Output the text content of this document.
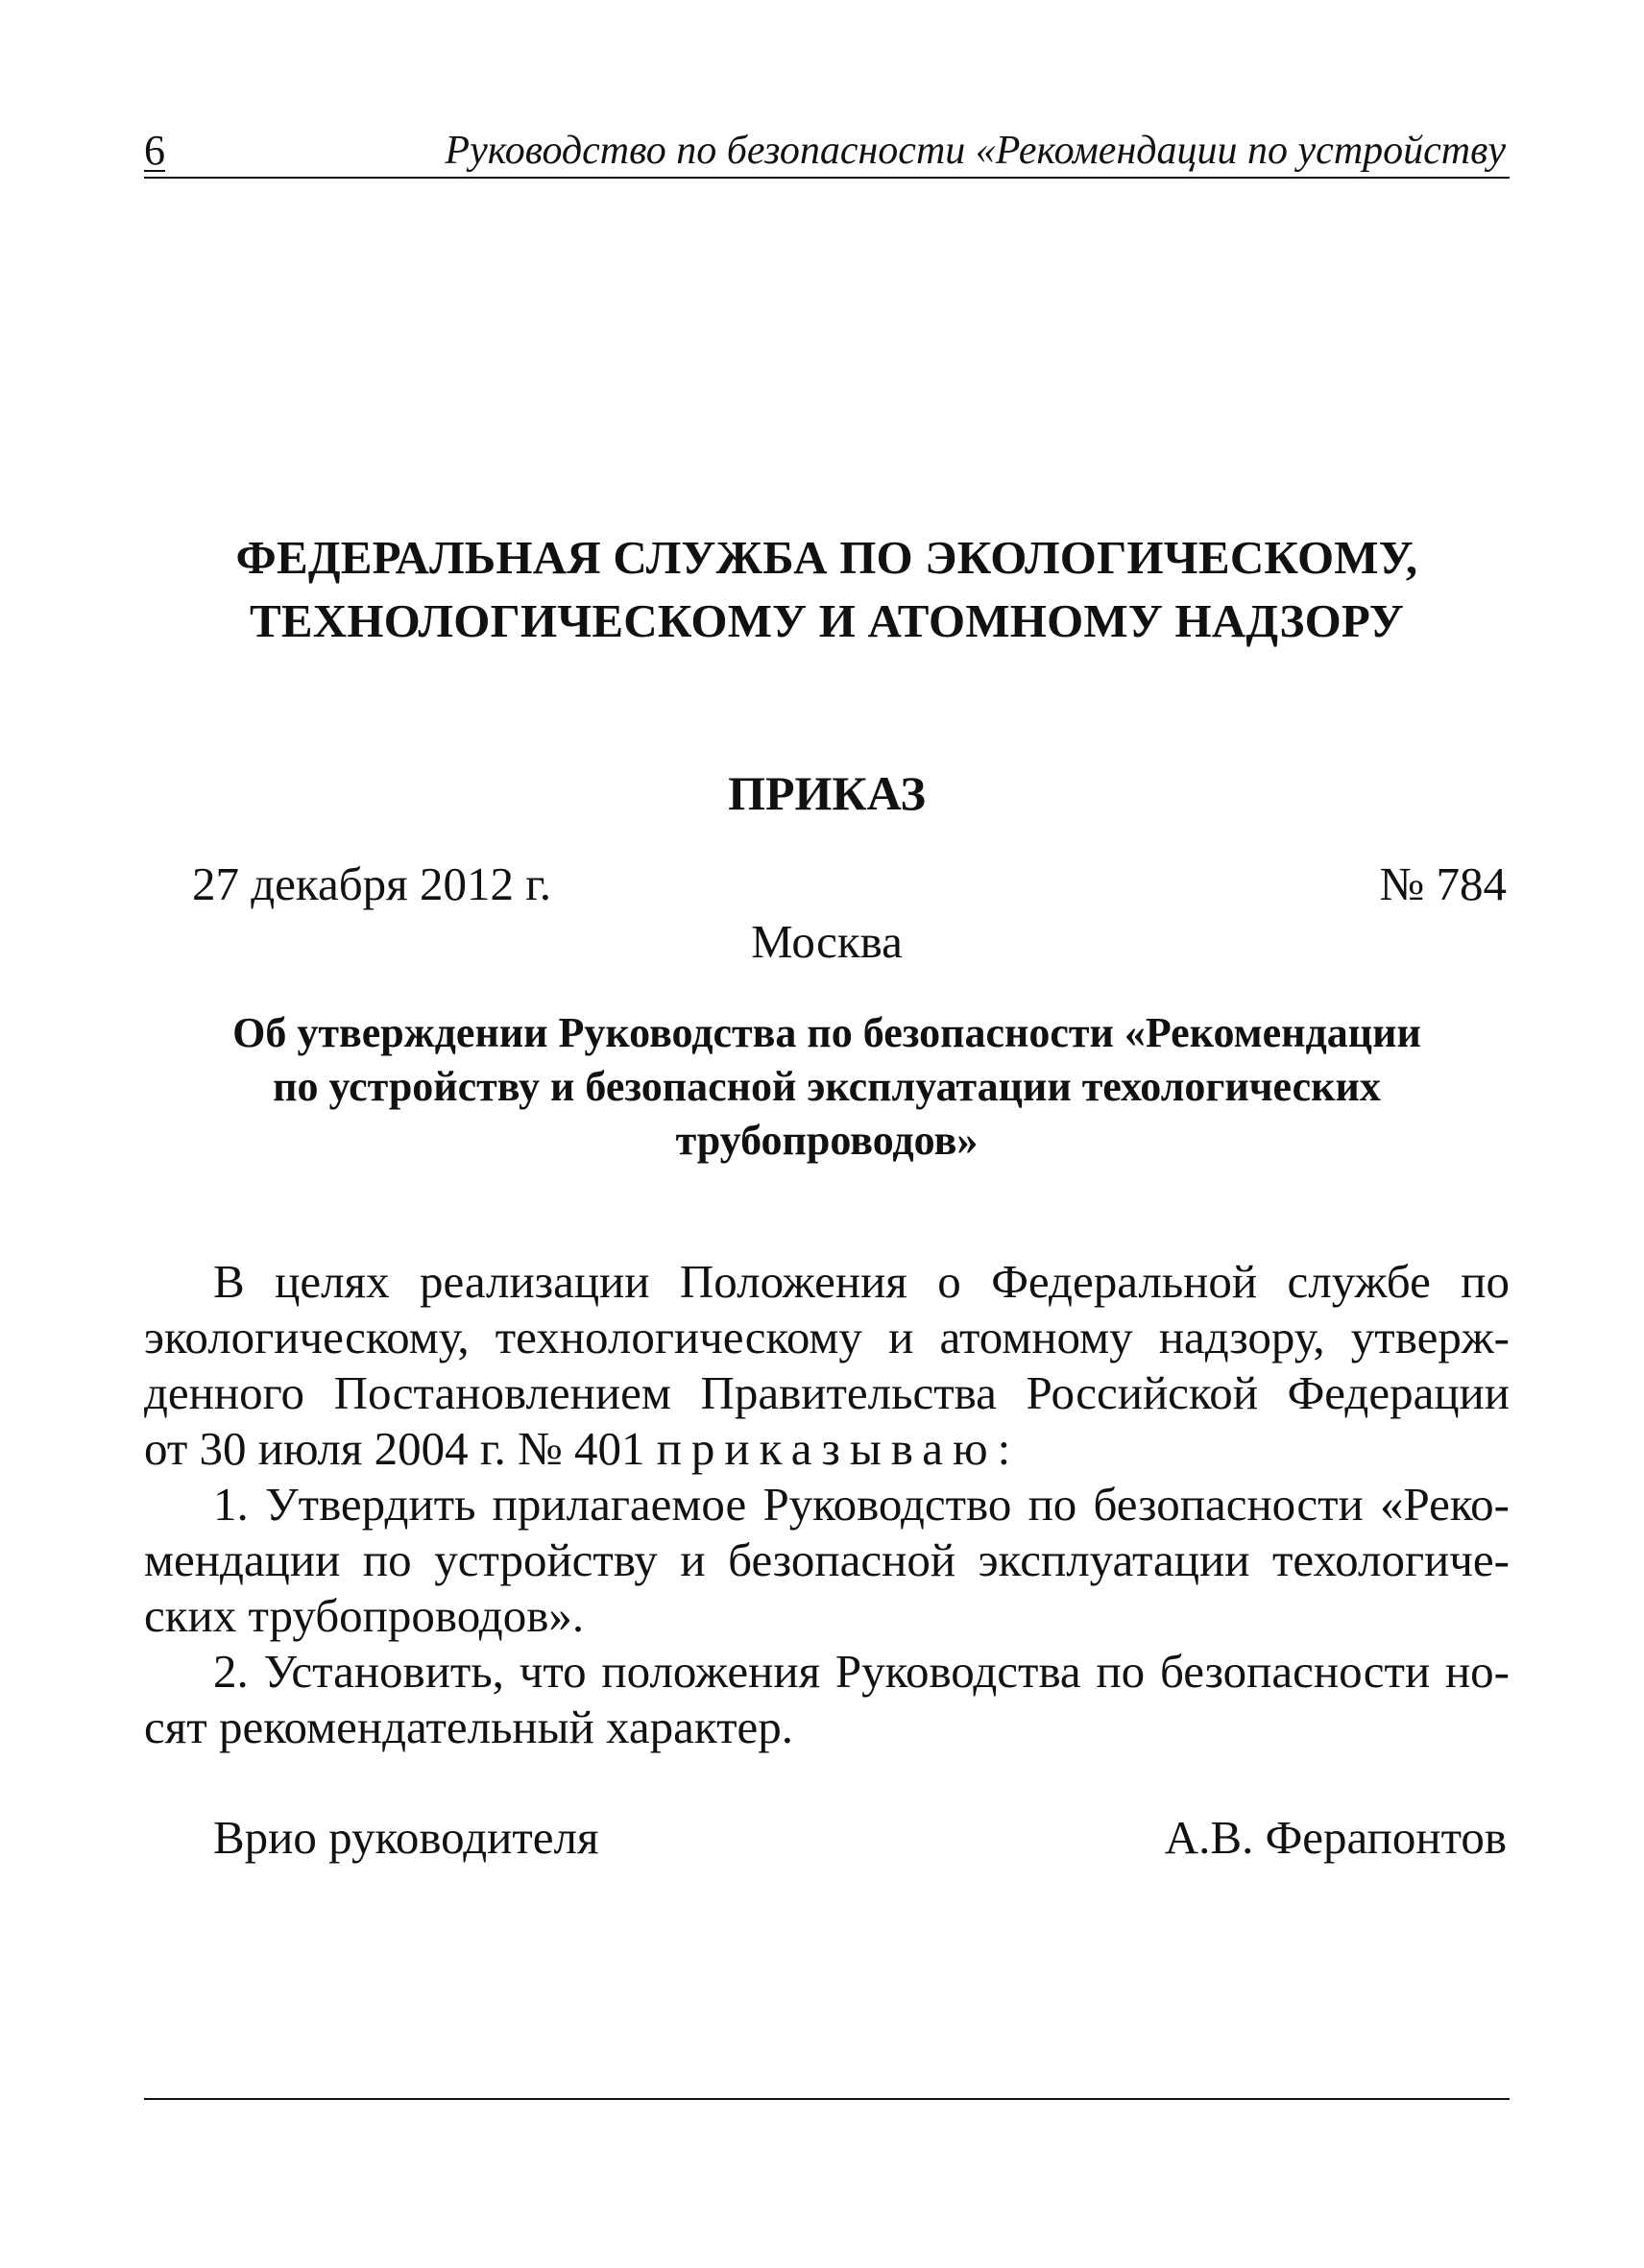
6	Руководство по безопасности «Рекомендации по устройству
ФЕДЕРАЛЬНАЯ СЛУЖБА ПО ЭКОЛОГИЧЕСКОМУ,
ТЕХНОЛОГИЧЕСКОМУ И АТОМНОМУ НАДЗОРУ
ПРИКАЗ
27 декабря 2012 г.	№ 784
Москва
Об утверждении Руководства по безопасности «Рекомендации
по устройству и безопасной эксплуатации техологических
трубопроводов»
В целях реализации Положения о Федеральной службе по
экологическому, технологическому и атомному надзору, утверж-
денного Постановлением Правительства Российской Федерации
от 30 июля 2004 г. № 401 приказываю:
1. Утвердить прилагаемое Руководство по безопасности «Реко-
мендации по устройству и безопасной эксплуатации техологиче-
ских трубопроводов».
2. Установить, что положения Руководства по безопасности но-
сят рекомендательный характер.
Врио руководителя	А.В. Ферапонтов
